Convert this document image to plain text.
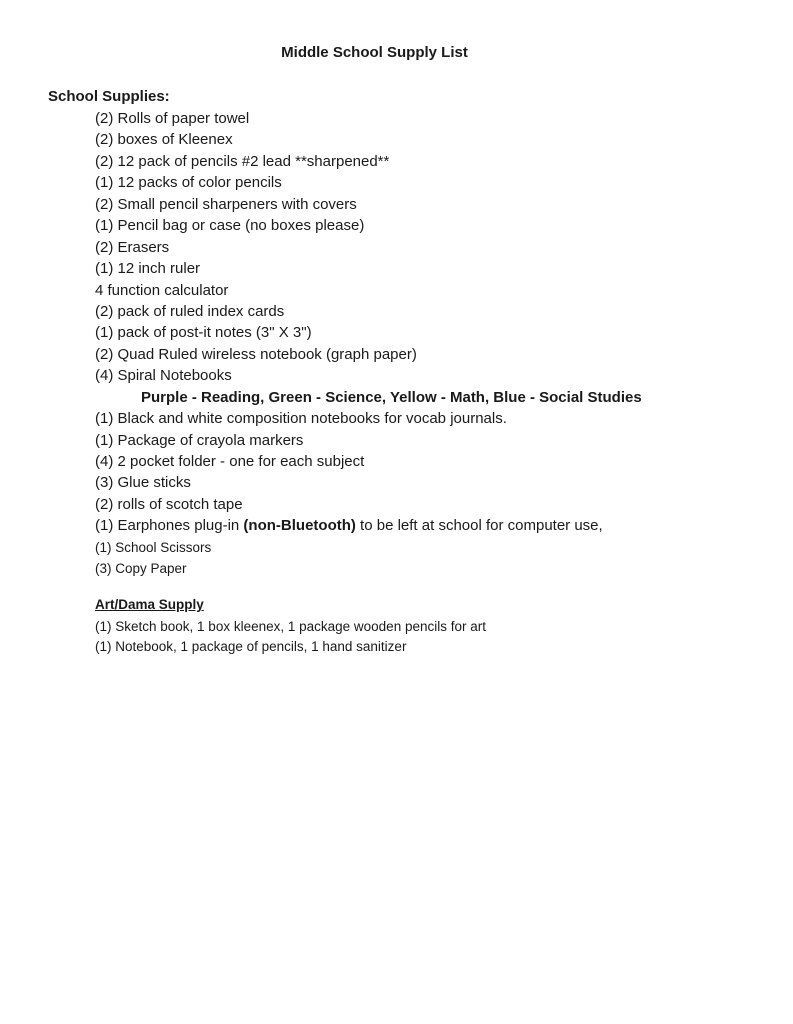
Middle School Supply List
School Supplies:
(2) Rolls of paper towel
(2) boxes of Kleenex
(2) 12 pack of pencils #2 lead **sharpened**
(1) 12 packs of color pencils
(2) Small pencil sharpeners with covers
(1) Pencil bag or case (no boxes please)
(2) Erasers
(1) 12 inch ruler
4 function calculator
(2) pack of ruled index cards
(1) pack of post-it notes (3" X 3")
(2) Quad Ruled wireless notebook (graph paper)
(4) Spiral Notebooks
Purple - Reading, Green - Science, Yellow - Math, Blue - Social Studies
(1) Black and white composition notebooks for vocab journals.
(1) Package of crayola markers
(4) 2 pocket folder - one for each subject
(3) Glue sticks
(2) rolls of scotch tape
(1) Earphones plug-in (non-Bluetooth) to be left at school for computer use,
(1) School Scissors
(3) Copy Paper
Art/Dama Supply
(1) Sketch book, 1 box kleenex, 1 package wooden pencils for art
(1) Notebook, 1 package of pencils, 1 hand sanitizer
